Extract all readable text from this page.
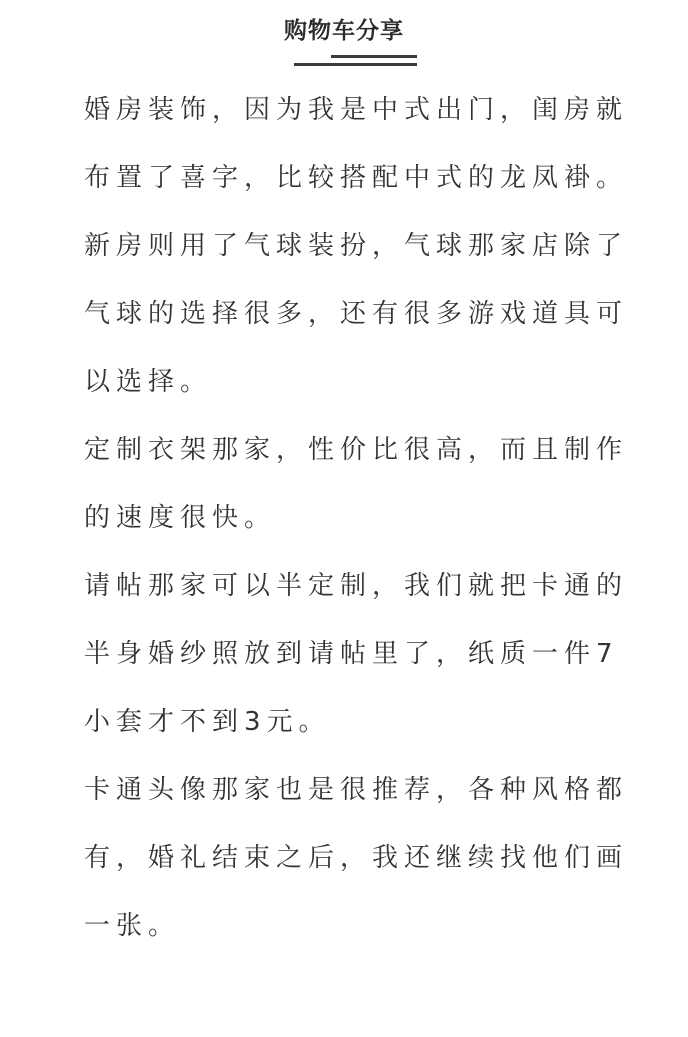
购物车分享
婚房装饰，因为我是中式出门，闺房就
布置了喜字，比较搭配中式的龙凤褂。
新房则用了气球装扮，气球那家店除了
气球的选择很多，还有很多游戏道具可
以选择。
定制衣架那家，性价比很高，而且制作
的速度很快。
请帖那家可以半定制，我们就把卡通的
半身婚纱照放到请帖里了，纸质一件7
小套才不到3元。
卡通头像那家也是很推荐，各种风格都
有，婚礼结束之后，我还继续找他们画
一张。
